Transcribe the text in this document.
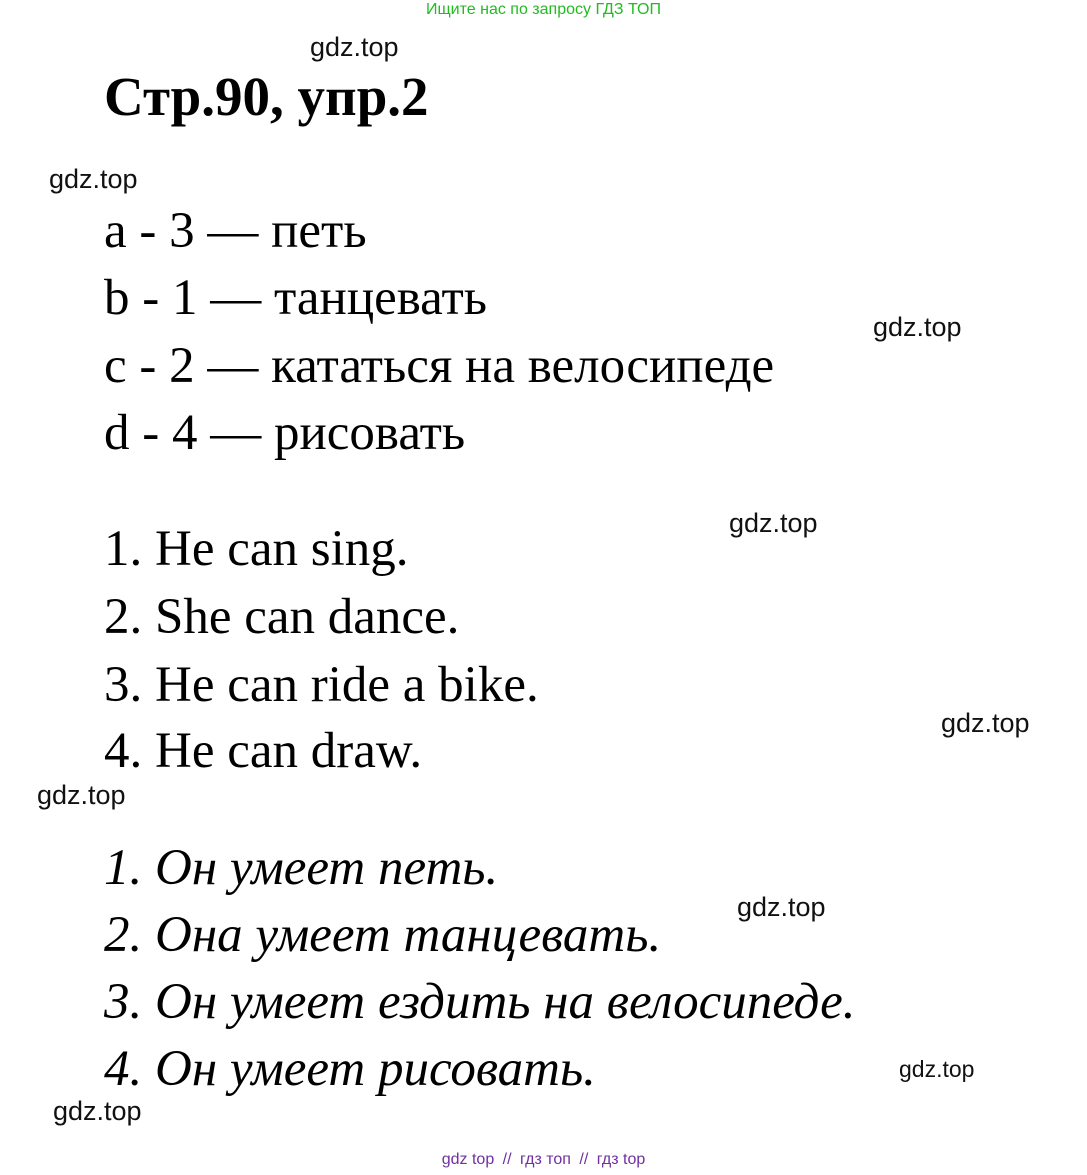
Ищите нас по запросу ГДЗ ТОП
gdz.top
Стр.90, упр.2
gdz.top
a - 3 — петь
b - 1 — танцевать
gdz.top
c - 2 — кататься на велосипеде
d - 4 — рисовать
gdz.top
1. He can sing.
2. She can dance.
3. He can ride a bike.
gdz.top
4. He can draw.
gdz.top
1. Он умеет петь.
gdz.top
2. Она умеет танцевать.
3. Он умеет ездить на велосипеде.
4. Он умеет рисовать.	gdz.top
gdz.top
gdz top // гдз топ // гдз top
